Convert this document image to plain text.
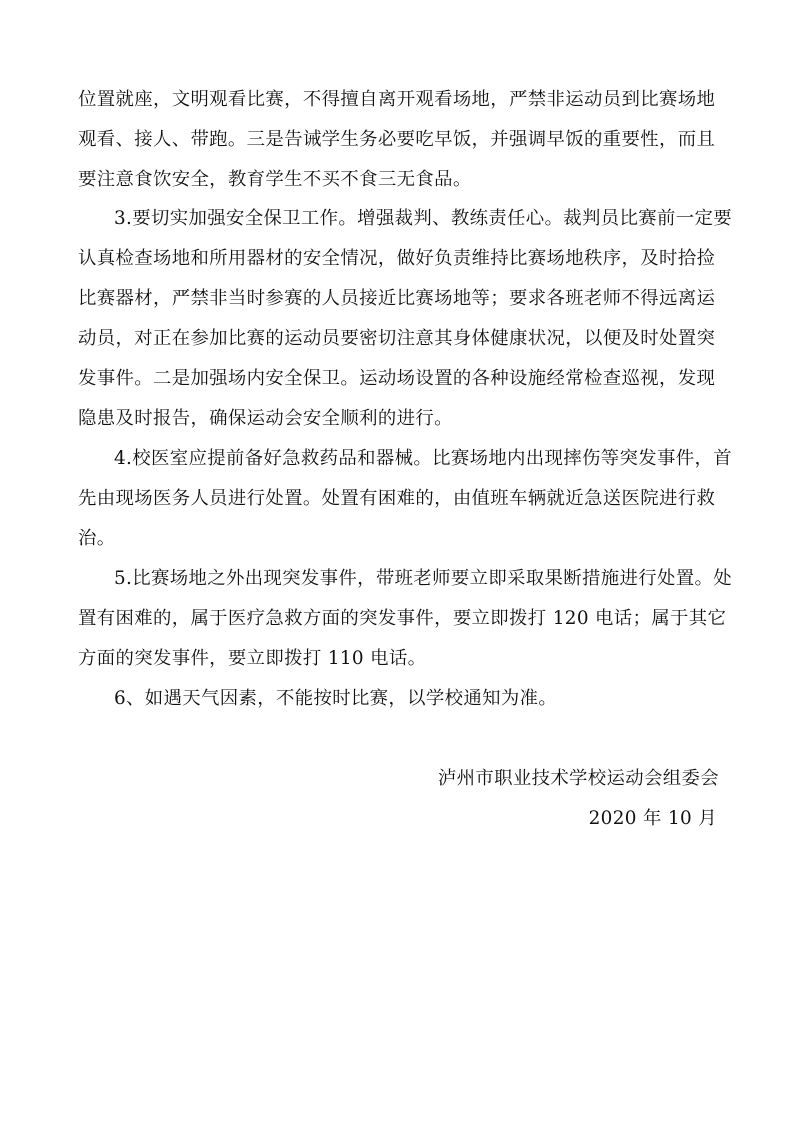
位置就座，文明观看比赛，不得擅自离开观看场地，严禁非运动员到比赛场地
观看、接人、带跑。三是告诫学生务必要吃早饭，并强调早饭的重要性，而且
要注意食饮安全，教育学生不买不食三无食品。
3.要切实加强安全保卫工作。增强裁判、教练责任心。裁判员比赛前一定要
认真检查场地和所用器材的安全情况，做好负责维持比赛场地秩序，及时拾捡
比赛器材，严禁非当时参赛的人员接近比赛场地等；要求各班老师不得远离运
动员，对正在参加比赛的运动员要密切注意其身体健康状况，以便及时处置突
发事件。二是加强场内安全保卫。运动场设置的各种设施经常检查巡视，发现
隐患及时报告，确保运动会安全顺利的进行。
4.校医室应提前备好急救药品和器械。比赛场地内出现摔伤等突发事件，首
先由现场医务人员进行处置。处置有困难的，由值班车辆就近急送医院进行救
治。
5.比赛场地之外出现突发事件，带班老师要立即采取果断措施进行处置。处
置有困难的，属于医疗急救方面的突发事件，要立即拨打 120 电话；属于其它
方面的突发事件，要立即拨打 110 电话。
6、如遇天气因素，不能按时比赛，以学校通知为准。
泸州市职业技术学校运动会组委会
2020 年 10 月
